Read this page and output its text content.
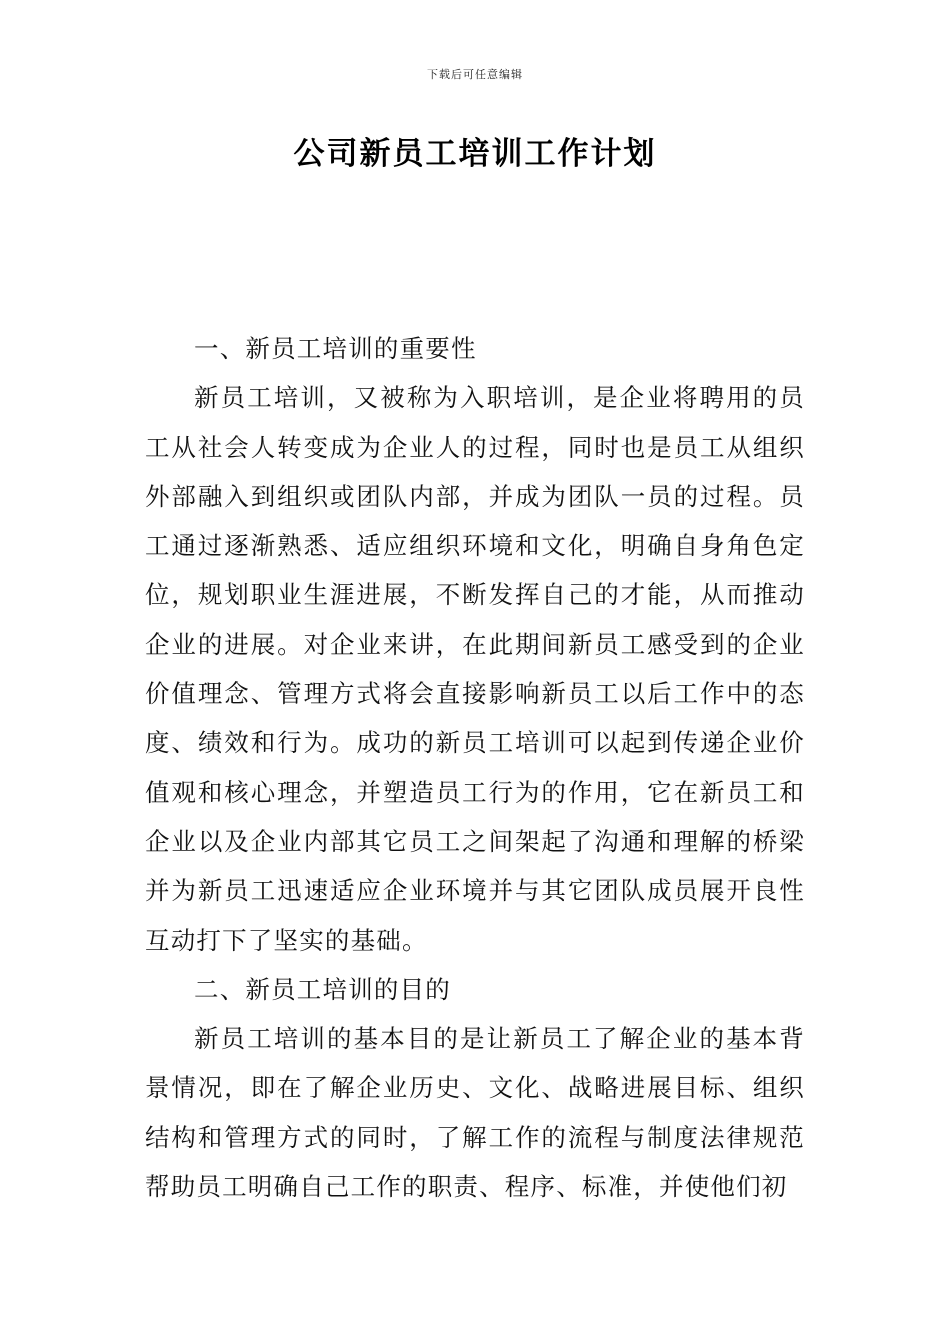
下载后可任意编辑
公司新员工培训工作计划

一、新员工培训的重要性

新员工培训，又被称为入职培训，是企业将聘用的员工从社会人转变成为企业人的过程，同时也是员工从组织外部融入到组织或团队内部，并成为团队一员的过程。员工通过逐渐熟悉、适应组织环境和文化，明确自身角色定位，规划职业生涯进展，不断发挥自己的才能，从而推动企业的进展。对企业来讲，在此期间新员工感受到的企业价值理念、管理方式将会直接影响新员工以后工作中的态度、绩效和行为。成功的新员工培训可以起到传递企业价值观和核心理念，并塑造员工行为的作用，它在新员工和企业以及企业内部其它员工之间架起了沟通和理解的桥梁并为新员工迅速适应企业环境并与其它团队成员展开良性互动打下了坚实的基础。

二、新员工培训的目的

新员工培训的基本目的是让新员工了解企业的基本背景情况，即在了解企业历史、文化、战略进展目标、组织结构和管理方式的同时，了解工作的流程与制度法律规范帮助员工明确自己工作的职责、程序、标准，并使他们初
